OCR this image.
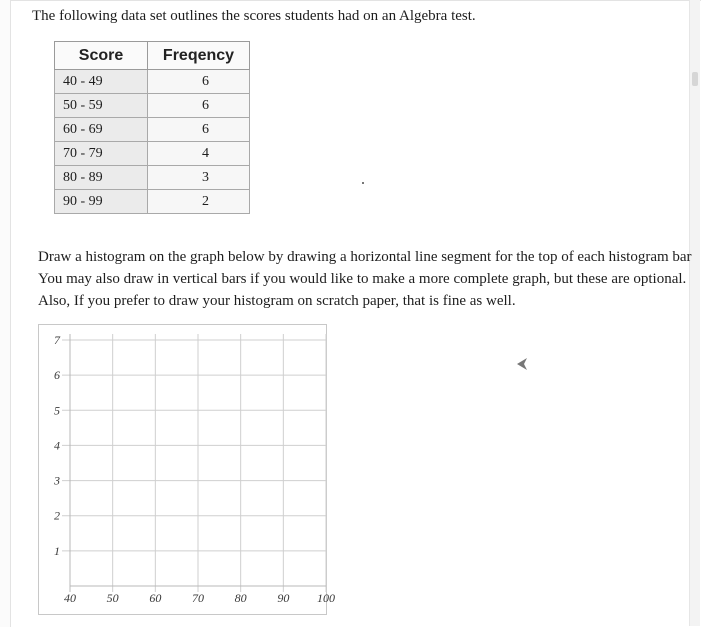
The following data set outlines the scores students had on an Algebra test.
Score	Freqency
40 - 49	6
50 - 59	6
60 - 69	6
70 - 79	4
80 - 89	3
90 - 99	2
Draw a histogram on the graph below by drawing a horizontal line segment for the top of each histogram bar
You may also draw in vertical bars if you would like to make a more complete graph, but these are optional.
Also, If you prefer to draw your histogram on scratch paper, that is fine as well.
1
2
3
4
5
6
7
40	50	60	70	80	90 100
